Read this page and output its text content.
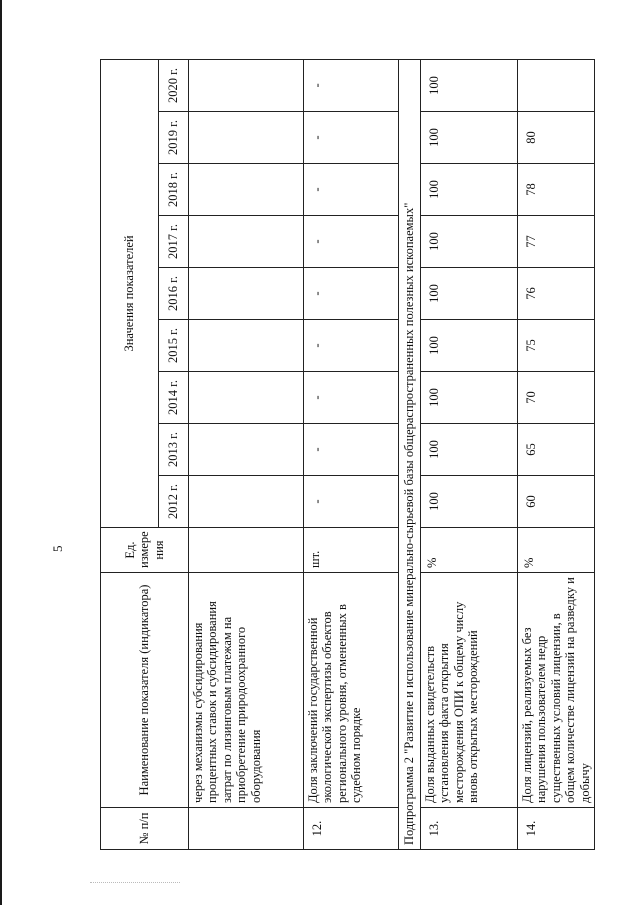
5
№ п/п	Наименование показателя (индикатора)	Ед. измере ния	Значения показателей								
			2012 г.	2013 г.	2014 г.	2015 г.	2016 г.	2017 г.	2018 г.	2019 г.	2020 г.
	через механизмы субсидирования процентных ставок и субсидирования затрат по лизинговым платежам на приобретение природоохранного оборудования										
12.	Доля заключений государственной экологической экспертизы объектов регионального уровня, отмененных в судебном порядке	шт.	-	-	-	-	-	-	-	-	-
Подпрограмма 2 "Развитие и использование минерально-сырьевой базы общераспространенных полезных ископаемых"											
13.	Доля выданных свидетельств установления факта открытия месторождения ОПИ к общему числу вновь открытых месторождений	%	100	100	100	100	100	100	100	100	100
14.	Доля лицензий, реализуемых без нарушения пользователем недр существенных условий лицензии, в общем количестве лицензий на разведку и добычу	%	60	65	70	75	76	77	78	80	
